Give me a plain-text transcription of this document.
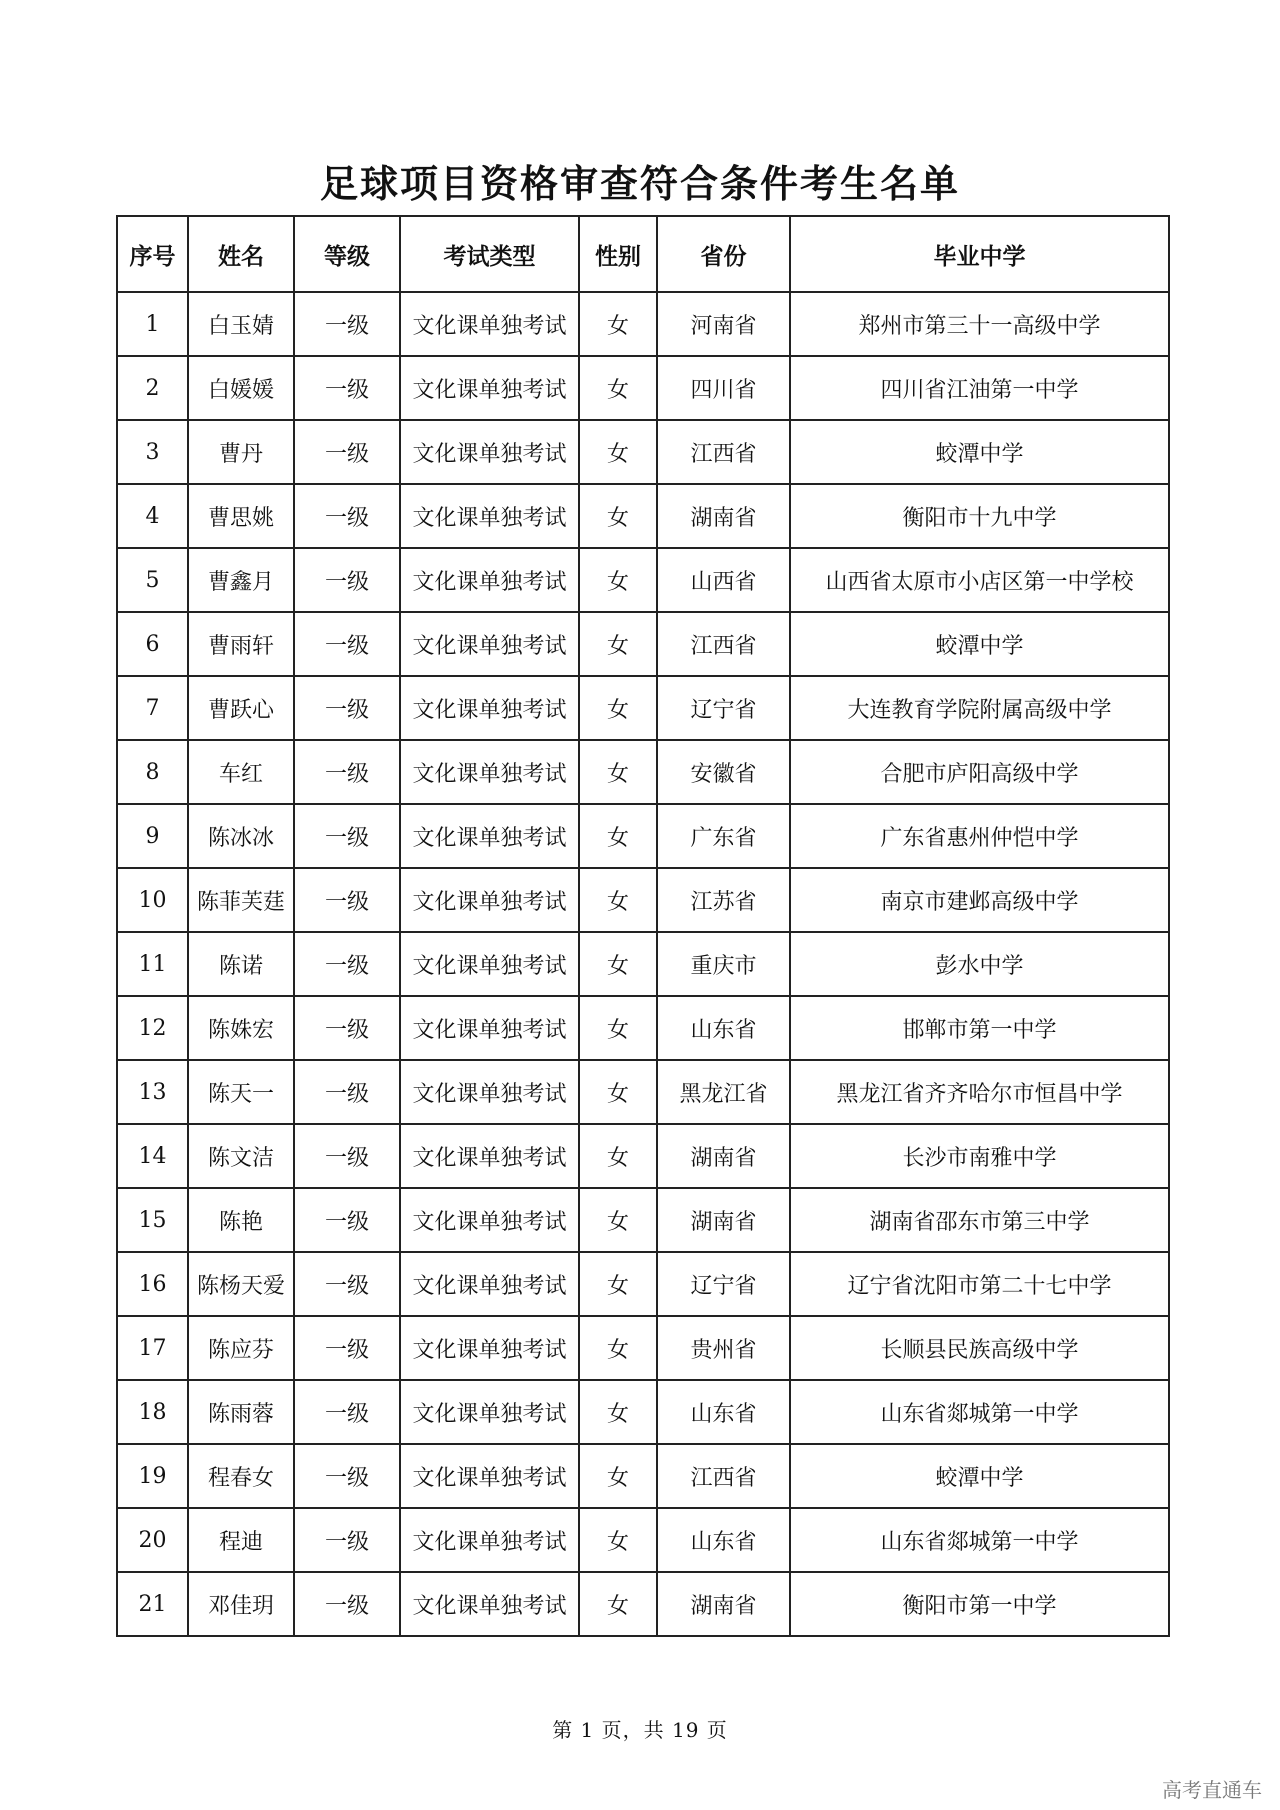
足球项目资格审查符合条件考生名单
序号	姓名	等级	考试类型	性别	省份	毕业中学
1	白玉婧	一级	文化课单独考试	女	河南省	郑州市第三十一高级中学
2	白媛媛	一级	文化课单独考试	女	四川省	四川省江油第一中学
3	曹丹	一级	文化课单独考试	女	江西省	蛟潭中学
4	曹思姚	一级	文化课单独考试	女	湖南省	衡阳市十九中学
5	曹鑫月	一级	文化课单独考试	女	山西省	山西省太原市小店区第一中学校
6	曹雨轩	一级	文化课单独考试	女	江西省	蛟潭中学
7	曹跃心	一级	文化课单独考试	女	辽宁省	大连教育学院附属高级中学
8	车红	一级	文化课单独考试	女	安徽省	合肥市庐阳高级中学
9	陈冰冰	一级	文化课单独考试	女	广东省	广东省惠州仲恺中学
10	陈菲芙莛	一级	文化课单独考试	女	江苏省	南京市建邺高级中学
11	陈诺	一级	文化课单独考试	女	重庆市	彭水中学
12	陈姝宏	一级	文化课单独考试	女	山东省	邯郸市第一中学
13	陈天一	一级	文化课单独考试	女	黑龙江省	黑龙江省齐齐哈尔市恒昌中学
14	陈文洁	一级	文化课单独考试	女	湖南省	长沙市南雅中学
15	陈艳	一级	文化课单独考试	女	湖南省	湖南省邵东市第三中学
16	陈杨天爱	一级	文化课单独考试	女	辽宁省	辽宁省沈阳市第二十七中学
17	陈应芬	一级	文化课单独考试	女	贵州省	长顺县民族高级中学
18	陈雨蓉	一级	文化课单独考试	女	山东省	山东省郯城第一中学
19	程春女	一级	文化课单独考试	女	江西省	蛟潭中学
20	程迪	一级	文化课单独考试	女	山东省	山东省郯城第一中学
21	邓佳玥	一级	文化课单独考试	女	湖南省	衡阳市第一中学
第 1 页，共 19 页
高考直通车
